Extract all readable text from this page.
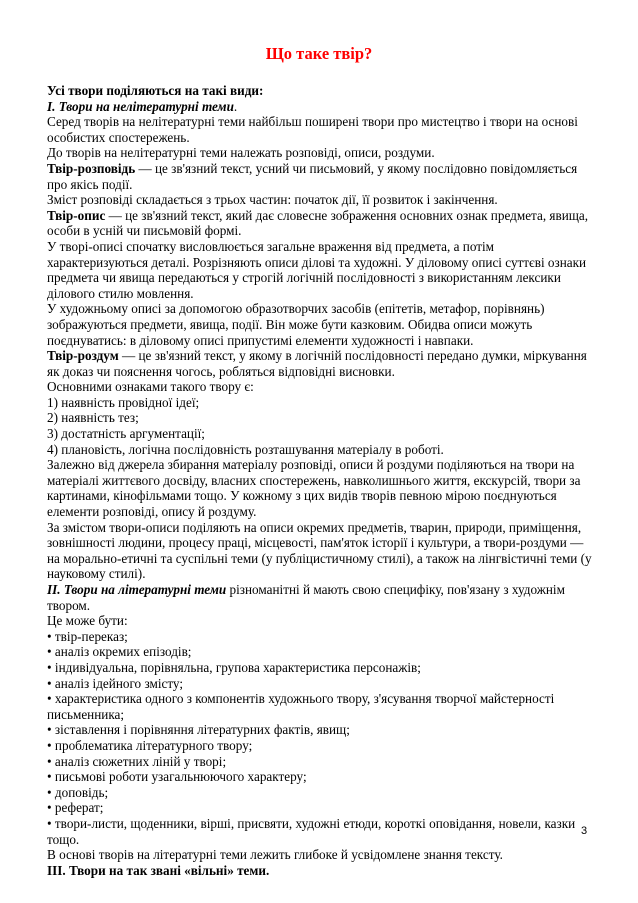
Що таке твір?

Усі твори поділяються на такі види:

І. Твори на нелітературні теми.

Серед творів на нелітературні теми найбільш поширені твори про мистецтво і твори на основі особистих спостережень.

До творів на нелітературні теми належать розповіді, описи, роздуми.

Твір-розповідь — це зв'язний текст, усний чи письмовий, у якому послідовно повідомляється про якісь події.

Зміст розповіді складається з трьох частин: початок дії, її розвиток і закінчення.

Твір-опис — це зв'язний текст, який дає словесне зображення основних ознак предмета, явища, особи в усній чи письмовій формі.

У творі-описі спочатку висловлюється загальне враження від предмета, а потім характеризуються деталі. Розрізняють описи ділові та художні. У діловому описі суттєві ознаки предмета чи явища передаються у строгій логічній послідовності з використанням лексики ділового стилю мовлення.

У художньому описі за допомогою образотворчих засобів (епітетів, метафор, порівнянь) зображуються предмети, явища, події. Він може бути казковим. Обидва описи можуть поєднуватись: в діловому описі припустимі елементи художності і навпаки.

Твір-роздум — це зв'язний текст, у якому в логічній послідовності передано думки, міркування як доказ чи пояснення чогось, робляться відповідні висновки.

Основними ознаками такого твору є:

1) наявність провідної ідеї;

2) наявність тез;

3) достатність аргументації;

4) плановість, логічна послідовність розташування матеріалу в роботі.

Залежно від джерела збирання матеріалу розповіді, описи й роздуми поділяються на твори на матеріалі життєвого досвіду, власних спостережень, навколишнього життя, екскурсій, твори за картинами, кінофільмами тощо. У кожному з цих видів творів певною мірою поєднуються елементи розповіді, опису й роздуму.

За змістом твори-описи поділяють на описи окремих предметів, тварин, природи, приміщення, зовнішності людини, процесу праці, місцевості, пам'яток історії і культури, а твори-роздуми — на морально-етичні та суспільні теми (у публіцистичному стилі), а також на лінгвістичні теми (у науковому стилі).

ІІ. Твори на літературні теми різноманітні й мають свою специфіку, пов'язану з художнім твором.

Це може бути:

• твір-переказ;

• аналіз окремих епізодів;

• індивідуальна, порівняльна, групова характеристика персонажів;

• аналіз ідейного змісту;

• характеристика одного з компонентів художнього твору, з'ясування творчої майстерності письменника;

• зіставлення і порівняння літературних фактів, явищ;

• проблематика літературного твору;

• аналіз сюжетних ліній у творі;

• письмові роботи узагальнюючого характеру;

• доповідь;

• реферат;

• твори-листи, щоденники, вірші, присвяти, художні етюди, короткі оповідання, новели, казки тощо.

В основі творів на літературні теми лежить глибоке й усвідомлене знання тексту.

ІІІ. Твори на так звані «вільні» теми.

3
